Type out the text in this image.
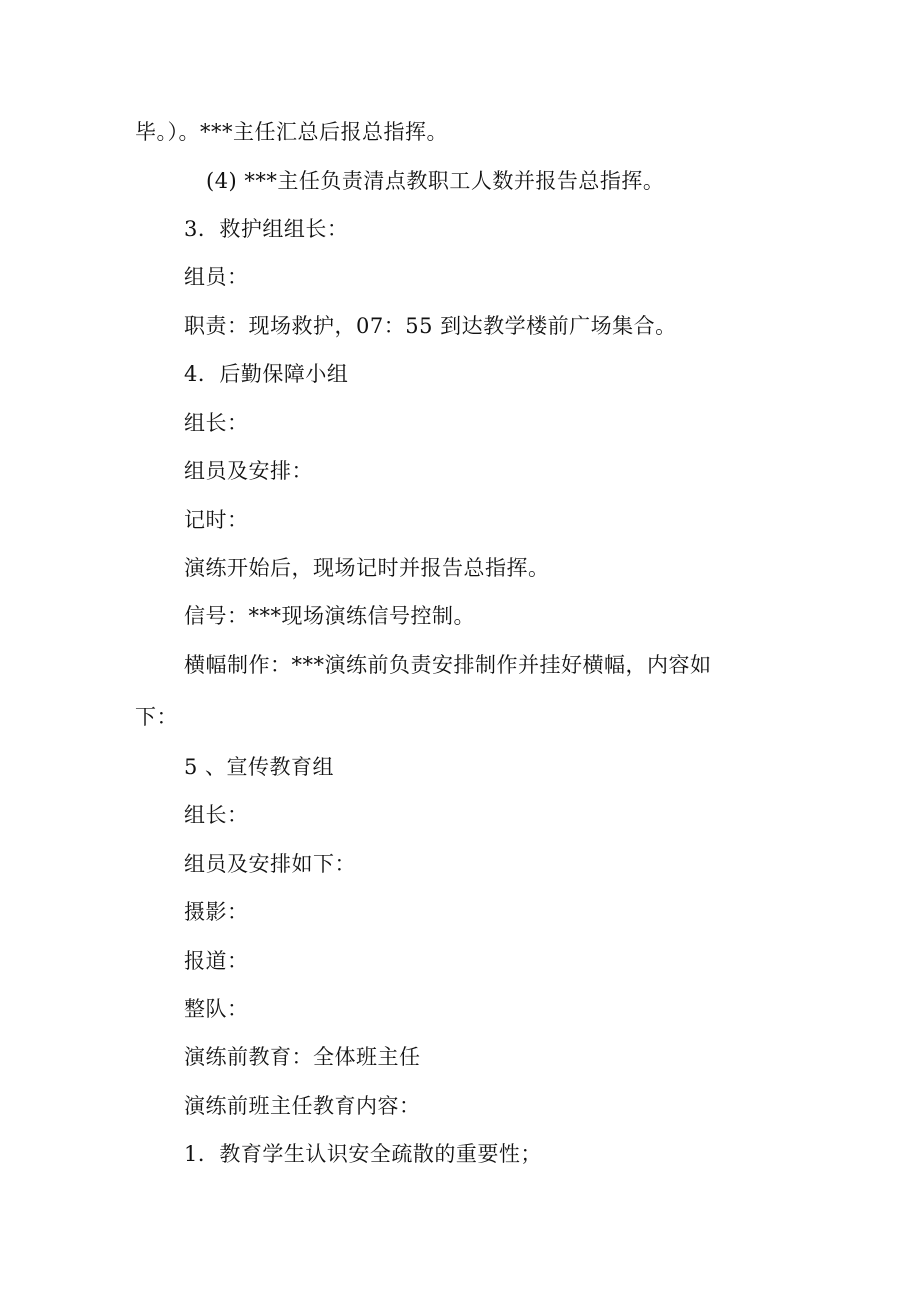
毕。）。***主任汇总后报总指挥。
(4) ***主任负责清点教职工人数并报告总指挥。
3．救护组组长：
组员：
职责：现场救护，07：55 到达教学楼前广场集合。
4．后勤保障小组
组长：
组员及安排：
记时：
演练开始后，现场记时并报告总指挥。
信号：***现场演练信号控制。
横幅制作：***演练前负责安排制作并挂好横幅，内容如
下：
5 、宣传教育组
组长：
组员及安排如下：
摄影：
报道：
整队：
演练前教育：全体班主任
演练前班主任教育内容：
1．教育学生认识安全疏散的重要性；
